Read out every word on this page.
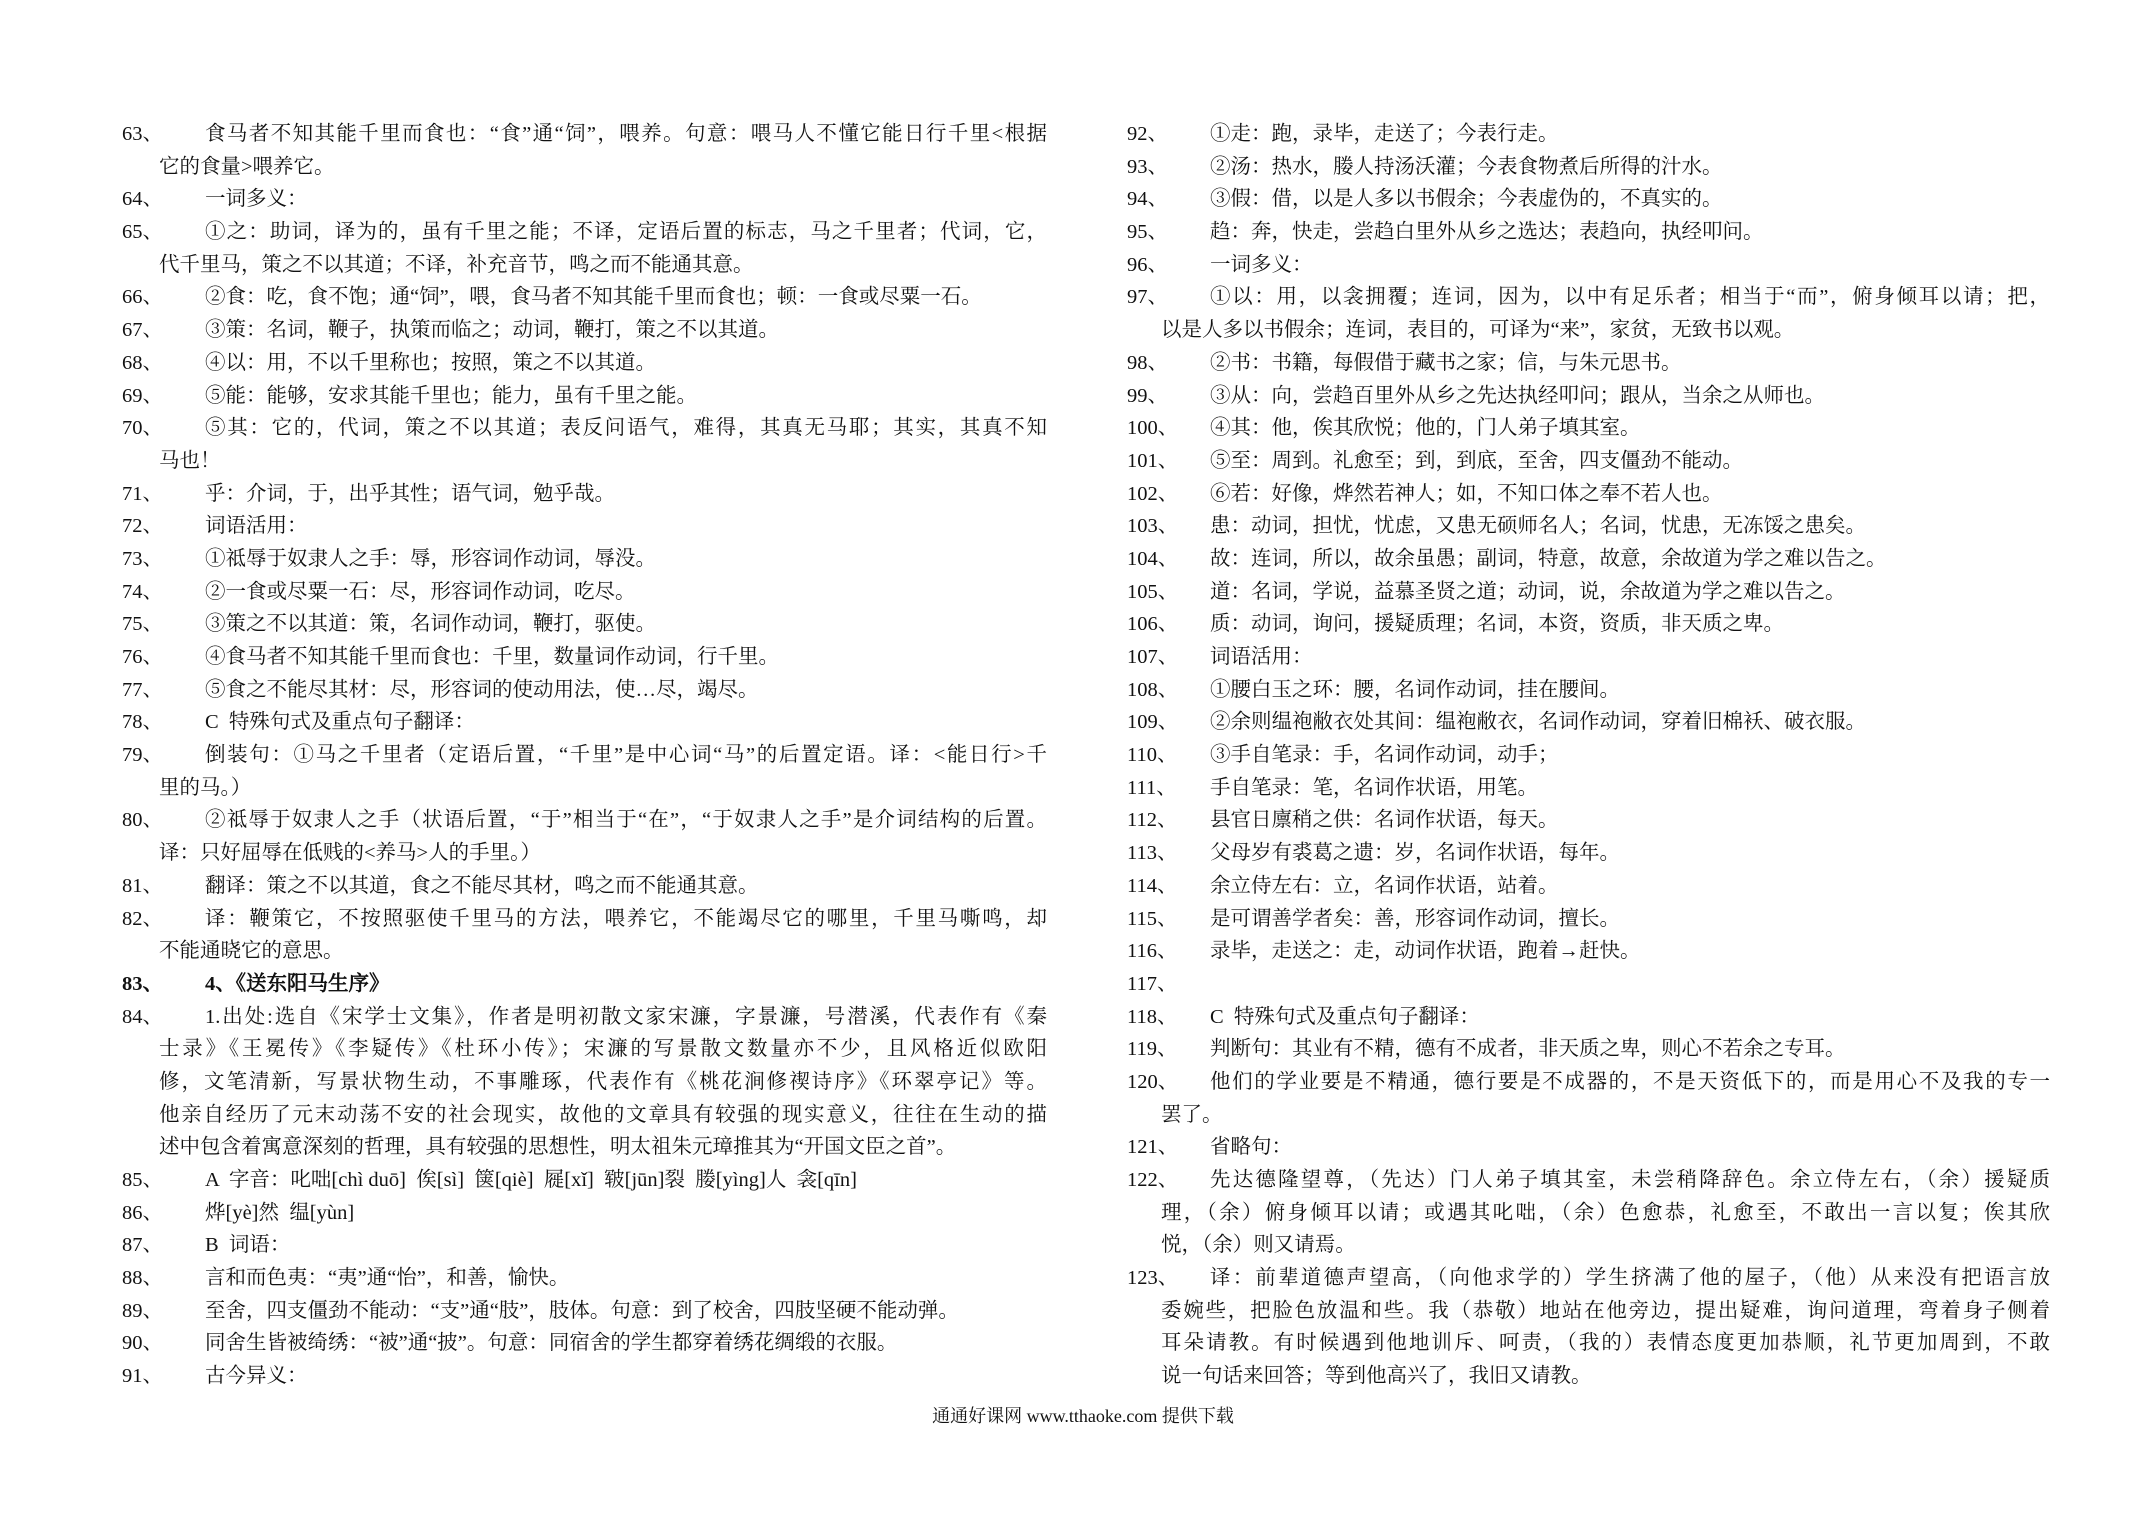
63、 食马者不知其能千里而食也：“食”通“饲”，喂养。句意：喂马人不懂它能日行千里<根据
它的食量>喂养它。
64、 一词多义：
65、 ①之：助词，译为的，虽有千里之能；不译，定语后置的标志，马之千里者；代词，它，
代千里马，策之不以其道；不译，补充音节，鸣之而不能通其意。
66、 ②食：吃，食不饱；通“饲”，喂，食马者不知其能千里而食也；顿：一食或尽粟一石。
67、 ③策：名词，鞭子，执策而临之；动词，鞭打，策之不以其道。
68、 ④以：用，不以千里称也；按照，策之不以其道。
69、 ⑤能：能够，安求其能千里也；能力，虽有千里之能。
70、 ⑤其：它的，代词，策之不以其道；表反问语气，难得，其真无马耶；其实，其真不知
马也！
71、 乎：介词，于，出乎其性；语气词，勉乎哉。
72、 词语活用：
73、 ①祗辱于奴隶人之手：辱，形容词作动词，辱没。
74、 ②一食或尽粟一石：尽，形容词作动词，吃尽。
75、 ③策之不以其道：策，名词作动词，鞭打，驱使。
76、 ④食马者不知其能千里而食也：千里，数量词作动词，行千里。
77、 ⑤食之不能尽其材：尽，形容词的使动用法，使…尽，竭尽。
78、 C  特殊句式及重点句子翻译：
79、 倒装句：①马之千里者（定语后置，“千里”是中心词“马”的后置定语。译：<能日行>千
里的马。）
80、 ②祗辱于奴隶人之手（状语后置，“于”相当于“在”，“于奴隶人之手”是介词结构的后置。
译：只好屈辱在低贱的<养马>人的手里。）
81、 翻译：策之不以其道，食之不能尽其材，鸣之而不能通其意。
82、 译：鞭策它，不按照驱使千里马的方法，喂养它，不能竭尽它的哪里，千里马嘶鸣，却
不能通晓它的意思。
83、 4、《送东阳马生序》
84、 1.出处:选自《宋学士文集》，作者是明初散文家宋濂，字景濂，号潜溪，代表作有《秦
士录》《王冕传》《李疑传》《杜环小传》；宋濂的写景散文数量亦不少，且风格近似欧阳
修，文笔清新，写景状物生动，不事雕琢，代表作有《桃花涧修禊诗序》《环翠亭记》等。
他亲自经历了元末动荡不安的社会现实，故他的文章具有较强的现实意义，往往在生动的描
述中包含着寓意深刻的哲理，具有较强的思想性，明太祖朱元璋推其为“开国文臣之首”。
85、 A  字音：叱咄[chì duō]  俟[sì]  箧[qiè]  屣[xǐ]  皲[jūn]裂  媵[yìng]人  衾[qīn]
86、 烨[yè]然  缊[yùn]
87、 B  词语：
88、 言和而色夷：“夷”通“怡”，和善，愉快。
89、 至舍，四支僵劲不能动：“支”通“肢”，肢体。句意：到了校舍，四肢坚硬不能动弹。
90、 同舍生皆被绮绣：“被”通“披”。句意：同宿舍的学生都穿着绣花绸缎的衣服。
91、 古今异义：
92、 ①走：跑，录毕，走送了；今表行走。
93、 ②汤：热水，媵人持汤沃灌；今表食物煮后所得的汁水。
94、 ③假：借，以是人多以书假余；今表虚伪的，不真实的。
95、 趋：奔，快走，尝趋白里外从乡之选达；表趋向，执经叩问。
96、 一词多义：
97、 ①以：用，以衾拥覆；连词，因为，以中有足乐者；相当于“而”，俯身倾耳以请；把，
以是人多以书假余；连词，表目的，可译为“来”，家贫，无致书以观。
98、 ②书：书籍，每假借于藏书之家；信，与朱元思书。
99、 ③从：向，尝趋百里外从乡之先达执经叩问；跟从，当余之从师也。
100、 ④其：他，俟其欣悦；他的，门人弟子填其室。
101、 ⑤至：周到。礼愈至；到，到底，至舍，四支僵劲不能动。
102、 ⑥若：好像，烨然若神人；如，不知口体之奉不若人也。
103、 患：动词，担忧，忧虑，又患无硕师名人；名词，忧患，无冻馁之患矣。
104、 故：连词，所以，故余虽愚；副词，特意，故意，余故道为学之难以告之。
105、 道：名词，学说，益慕圣贤之道；动词，说，余故道为学之难以告之。
106、 质：动词，询问，援疑质理；名词，本资，资质，非天质之卑。
107、 词语活用：
108、 ①腰白玉之环：腰，名词作动词，挂在腰间。
109、 ②余则缊袍敝衣处其间：缊袍敝衣，名词作动词，穿着旧棉袄、破衣服。
110、 ③手自笔录：手，名词作动词，动手；
111、 手自笔录：笔，名词作状语，用笔。
112、 县官日廪稍之供：名词作状语，每天。
113、 父母岁有裘葛之遗：岁，名词作状语，每年。
114、 余立侍左右：立，名词作状语，站着。
115、 是可谓善学者矣：善，形容词作动词，擅长。
116、 录毕，走送之：走，动词作状语，跑着→赶快。
117、
118、 C  特殊句式及重点句子翻译：
119、 判断句：其业有不精，德有不成者，非天质之卑，则心不若余之专耳。
120、 他们的学业要是不精通，德行要是不成器的，不是天资低下的，而是用心不及我的专一
罢了。
121、 省略句：
122、 先达德隆望尊，（先达）门人弟子填其室，未尝稍降辞色。余立侍左右，（余）援疑质
理，（余）俯身倾耳以请；或遇其叱咄，（余）色愈恭，礼愈至，不敢出一言以复；俟其欣
悦，（余）则又请焉。
123、 译：前辈道德声望高，（向他求学的）学生挤满了他的屋子，（他）从来没有把语言放
委婉些，把脸色放温和些。我（恭敬）地站在他旁边，提出疑难，询问道理，弯着身子侧着
耳朵请教。有时候遇到他地训斥、呵责，（我的）表情态度更加恭顺，礼节更加周到，不敢
说一句话来回答；等到他高兴了，我旧又请教。
通通好课网 www.tthaoke.com 提供下载
